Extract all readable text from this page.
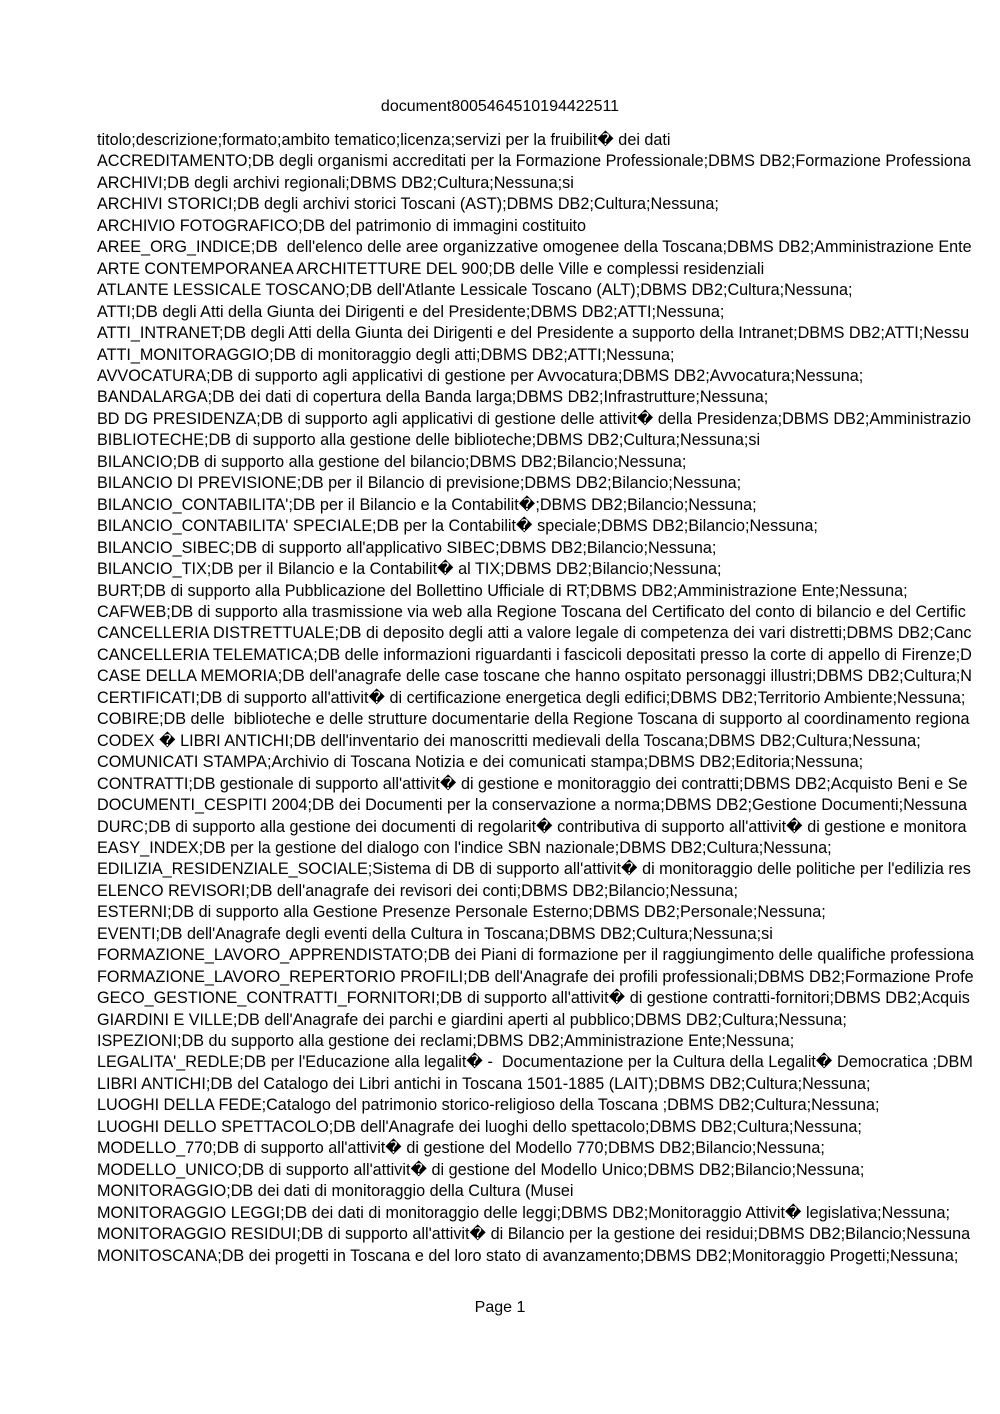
document8005464510194422511
titolo;descrizione;formato;ambito tematico;licenza;servizi per la fruibilit� dei dati
ACCREDITAMENTO;DB degli organismi accreditati per la Formazione Professionale;DBMS DB2;Formazione Professiona
ARCHIVI;DB degli archivi regionali;DBMS DB2;Cultura;Nessuna;si
ARCHIVI STORICI;DB degli archivi storici Toscani (AST);DBMS DB2;Cultura;Nessuna;
ARCHIVIO FOTOGRAFICO;DB del patrimonio di immagini costituito
AREE_ORG_INDICE;DB  dell'elenco delle aree organizzative omogenee della Toscana;DBMS DB2;Amministrazione Ente
ARTE CONTEMPORANEA ARCHITETTURE DEL 900;DB delle Ville e complessi residenziali
ATLANTE LESSICALE TOSCANO;DB dell'Atlante Lessicale Toscano (ALT);DBMS DB2;Cultura;Nessuna;
ATTI;DB degli Atti della Giunta dei Dirigenti e del Presidente;DBMS DB2;ATTI;Nessuna;
ATTI_INTRANET;DB degli Atti della Giunta dei Dirigenti e del Presidente a supporto della Intranet;DBMS DB2;ATTI;Nessu
ATTI_MONITORAGGIO;DB di monitoraggio degli atti;DBMS DB2;ATTI;Nessuna;
AVVOCATURA;DB di supporto agli applicativi di gestione per Avvocatura;DBMS DB2;Avvocatura;Nessuna;
BANDALARGA;DB dei dati di copertura della Banda larga;DBMS DB2;Infrastrutture;Nessuna;
BD DG PRESIDENZA;DB di supporto agli applicativi di gestione delle attivit� della Presidenza;DBMS DB2;Amministrazio
BIBLIOTECHE;DB di supporto alla gestione delle biblioteche;DBMS DB2;Cultura;Nessuna;si
BILANCIO;DB di supporto alla gestione del bilancio;DBMS DB2;Bilancio;Nessuna;
BILANCIO DI PREVISIONE;DB per il Bilancio di previsione;DBMS DB2;Bilancio;Nessuna;
BILANCIO_CONTABILITA';DB per il Bilancio e la Contabilit�;DBMS DB2;Bilancio;Nessuna;
BILANCIO_CONTABILITA' SPECIALE;DB per la Contabilit� speciale;DBMS DB2;Bilancio;Nessuna;
BILANCIO_SIBEC;DB di supporto all'applicativo SIBEC;DBMS DB2;Bilancio;Nessuna;
BILANCIO_TIX;DB per il Bilancio e la Contabilit� al TIX;DBMS DB2;Bilancio;Nessuna;
BURT;DB di supporto alla Pubblicazione del Bollettino Ufficiale di RT;DBMS DB2;Amministrazione Ente;Nessuna;
CAFWEB;DB di supporto alla trasmissione via web alla Regione Toscana del Certificato del conto di bilancio e del Certific
CANCELLERIA DISTRETTUALE;DB di deposito degli atti a valore legale di competenza dei vari distretti;DBMS DB2;Canc
CANCELLERIA TELEMATICA;DB delle informazioni riguardanti i fascicoli depositati presso la corte di appello di Firenze;D
CASE DELLA MEMORIA;DB dell'anagrafe delle case toscane che hanno ospitato personaggi illustri;DBMS DB2;Cultura;N
CERTIFICATI;DB di supporto all'attivit� di certificazione energetica degli edifici;DBMS DB2;Territorio Ambiente;Nessuna;
COBIRE;DB delle  biblioteche e delle strutture documentarie della Regione Toscana di supporto al coordinamento regiona
CODEX � LIBRI ANTICHI;DB dell'inventario dei manoscritti medievali della Toscana;DBMS DB2;Cultura;Nessuna;
COMUNICATI STAMPA;Archivio di Toscana Notizia e dei comunicati stampa;DBMS DB2;Editoria;Nessuna;
CONTRATTI;DB gestionale di supporto all'attivit� di gestione e monitoraggio dei contratti;DBMS DB2;Acquisto Beni e Se
DOCUMENTI_CESPITI 2004;DB dei Documenti per la conservazione a norma;DBMS DB2;Gestione Documenti;Nessuna
DURC;DB di supporto alla gestione dei documenti di regolarit� contributiva di supporto all'attivit� di gestione e monitora
EASY_INDEX;DB per la gestione del dialogo con l'indice SBN nazionale;DBMS DB2;Cultura;Nessuna;
EDILIZIA_RESIDENZIALE_SOCIALE;Sistema di DB di supporto all'attivit� di monitoraggio delle politiche per l'edilizia res
ELENCO REVISORI;DB dell'anagrafe dei revisori dei conti;DBMS DB2;Bilancio;Nessuna;
ESTERNI;DB di supporto alla Gestione Presenze Personale Esterno;DBMS DB2;Personale;Nessuna;
EVENTI;DB dell'Anagrafe degli eventi della Cultura in Toscana;DBMS DB2;Cultura;Nessuna;si
FORMAZIONE_LAVORO_APPRENDISTATO;DB dei Piani di formazione per il raggiungimento delle qualifiche professiona
FORMAZIONE_LAVORO_REPERTORIO PROFILI;DB dell'Anagrafe dei profili professionali;DBMS DB2;Formazione Profe
GECO_GESTIONE_CONTRATTI_FORNITORI;DB di supporto all'attivit� di gestione contratti-fornitori;DBMS DB2;Acquis
GIARDINI E VILLE;DB dell'Anagrafe dei parchi e giardini aperti al pubblico;DBMS DB2;Cultura;Nessuna;
ISPEZIONI;DB du supporto alla gestione dei reclami;DBMS DB2;Amministrazione Ente;Nessuna;
LEGALITA'_REDLE;DB per l'Educazione alla legalit� -  Documentazione per la Cultura della Legalit� Democratica ;DBM
LIBRI ANTICHI;DB del Catalogo dei Libri antichi in Toscana 1501-1885 (LAIT);DBMS DB2;Cultura;Nessuna;
LUOGHI DELLA FEDE;Catalogo del patrimonio storico-religioso della Toscana ;DBMS DB2;Cultura;Nessuna;
LUOGHI DELLO SPETTACOLO;DB dell'Anagrafe dei luoghi dello spettacolo;DBMS DB2;Cultura;Nessuna;
MODELLO_770;DB di supporto all'attivit� di gestione del Modello 770;DBMS DB2;Bilancio;Nessuna;
MODELLO_UNICO;DB di supporto all'attivit� di gestione del Modello Unico;DBMS DB2;Bilancio;Nessuna;
MONITORAGGIO;DB dei dati di monitoraggio della Cultura (Musei
MONITORAGGIO LEGGI;DB dei dati di monitoraggio delle leggi;DBMS DB2;Monitoraggio Attivit� legislativa;Nessuna;
MONITORAGGIO RESIDUI;DB di supporto all'attivit� di Bilancio per la gestione dei residui;DBMS DB2;Bilancio;Nessuna
MONITOSCANA;DB dei progetti in Toscana e del loro stato di avanzamento;DBMS DB2;Monitoraggio Progetti;Nessuna;
Page 1
